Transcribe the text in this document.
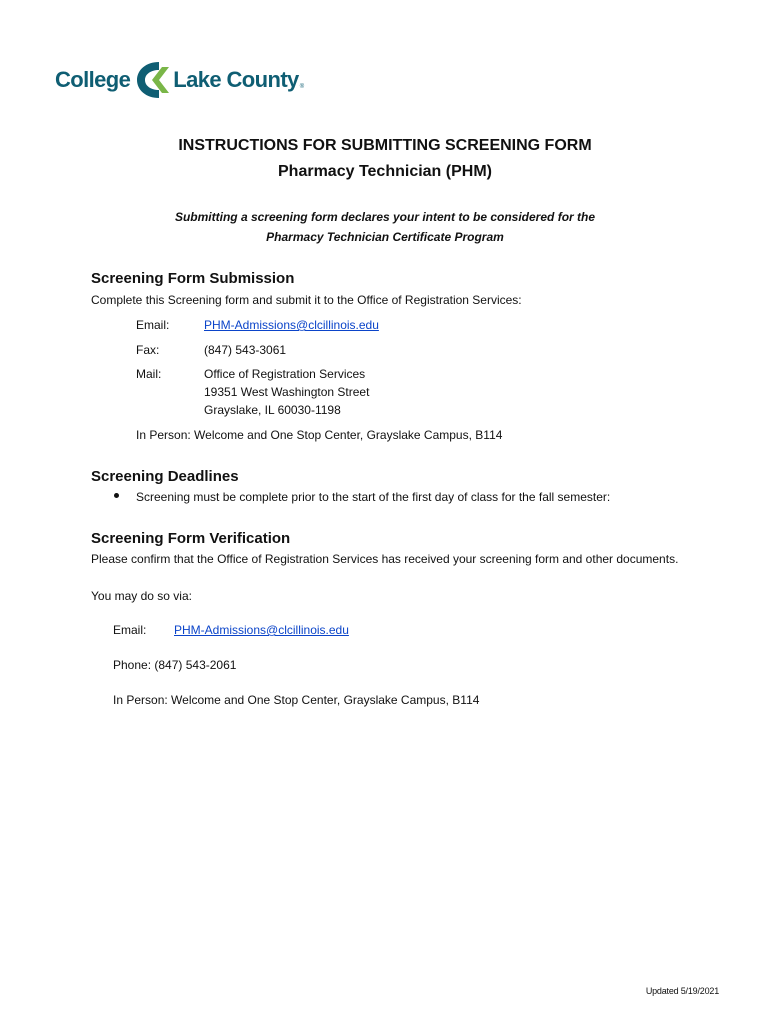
College Lake County ®
INSTRUCTIONS FOR SUBMITTING SCREENING FORM
Pharmacy Technician (PHM)
Submitting a screening form declares your intent to be considered for the
Pharmacy Technician Certificate Program
Screening Form Submission
Complete this Screening form and submit it to the Office of Registration Services:
Email:	PHM-Admissions@clcillinois.edu
Fax:	(847) 543-3061
Mail:	Office of Registration Services
19351 West Washington Street
Grayslake, IL 60030-1198
In Person: Welcome and One Stop Center, Grayslake Campus, B114
Screening Deadlines
Screening must be complete prior to the start of the first day of class for the fall semester:
Screening Form Verification
Please confirm that the Office of Registration Services has received your screening form and other documents.
You may do so via:
Email: PHM-Admissions@clcillinois.edu
Phone: (847) 543-2061
In Person: Welcome and One Stop Center, Grayslake Campus, B114
Updated 5/19/2021
